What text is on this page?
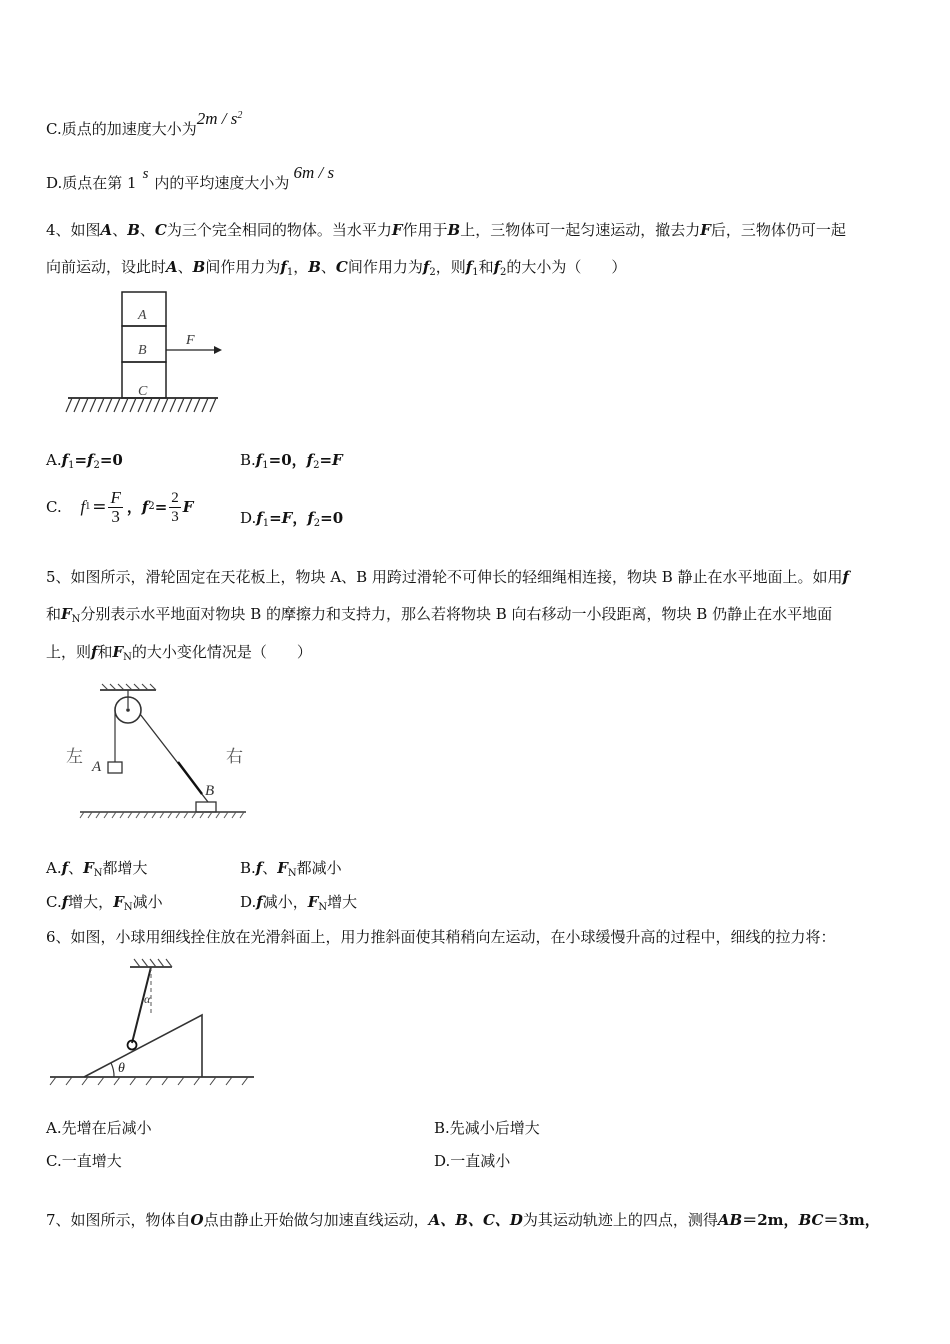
C.质点的加速度大小为$2m / s^2$
D.质点在第 1 s 内的平均速度大小为6m / s
4、如图A、B、C为三个完全相同的物体。当水平力F作用于B上，三物体可一起匀速运动，撤去力F后，三物体仍可一起
向前运动，设此时A、B间作用力为$f_1$，B、C间作用力为$f_2$，则$f_1$和$f_2$的大小为（　　）
A
B
C
F
$A.f_1=f_2=0$	$B.f_1=0$，$f_2=F$
C. $f1 = \frac{F}{3}$ ，$f2= \frac{2}{3}$ F
$D.f_1=F$，$f_2=0$
5、如图所示，滑轮固定在天花板上，物块 A、B 用跨过滑轮不可伸长的轻细绳相连接，物块 B 静止在水平地面上。如用f
和$F_N$分别表示水平地面对物块 B 的摩擦力和支持力，那么若将物块 B 向右移动一小段距离，物块 B 仍静止在水平地面
上，则f和$F_N$的大小变化情况是（　　）
A
左
B
右
A.f、$F_N$都增大	B.f、$F_N$都减小
C.f增大，$F_N$减小	D.f减小，$F_N$增大
6、如图，小球用细线拴住放在光滑斜面上，用力推斜面使其稍稍向左运动，在小球缓慢升高的过程中，细线的拉力将：
α
θ
A.先增在后减小	B.先减小后增大
C.一直增大	D.一直减小
7、如图所示，物体自O点由静止开始做匀加速直线运动，A、B、C、D为其运动轨迹上的四点，测得AB＝2m，BC＝3m，
